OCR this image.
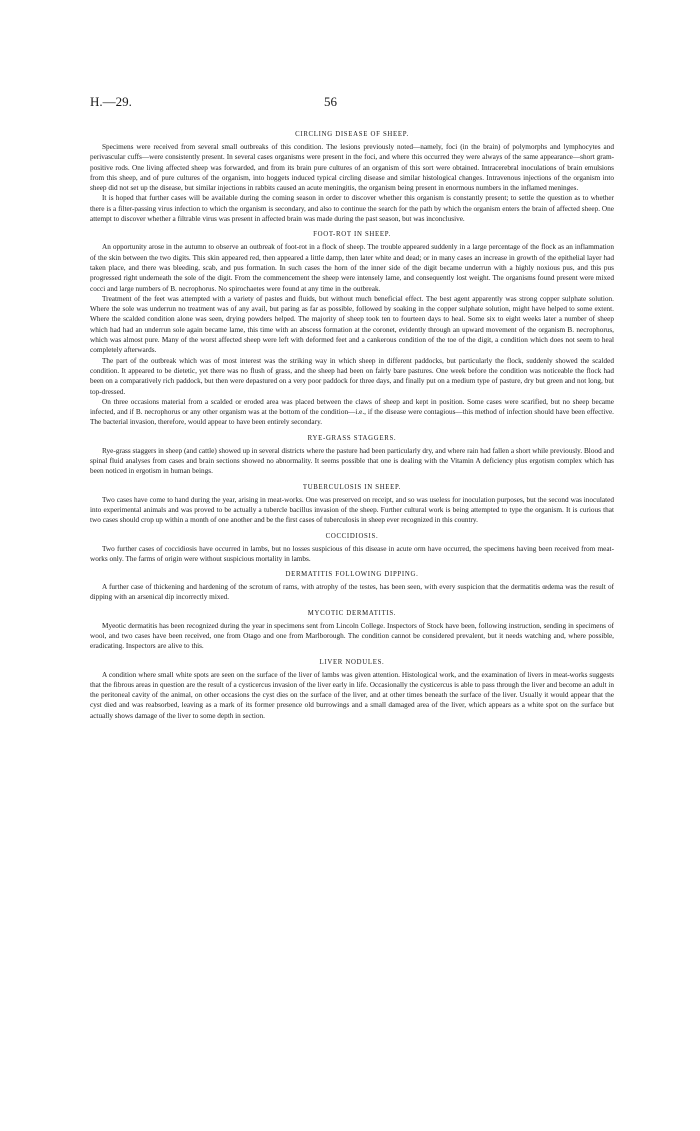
H.—29.	56
CIRCLING DISEASE OF SHEEP.

Specimens were received from several small outbreaks of this condition. The lesions previously noted—namely, foci (in the brain) of polymorphs and lymphocytes and perivascular cuffs—were consistently present. In several cases organisms were present in the foci, and where this occurred they were always of the same appearance—short gram-positive rods. One living affected sheep was forwarded, and from its brain pure cultures of an organism of this sort were obtained. Intracerebral inoculations of brain emulsions from this sheep, and of pure cultures of the organism, into hoggets induced typical circling disease and similar histological changes. Intravenous injections of the organism into sheep did not set up the disease, but similar injections in rabbits caused an acute meningitis, the organism being present in enormous numbers in the inflamed meninges.

It is hoped that further cases will be available during the coming season in order to discover whether this organism is constantly present; to settle the question as to whether there is a filter-passing virus infection to which the organism is secondary, and also to continue the search for the path by which the organism enters the brain of affected sheep. One attempt to discover whether a filtrable virus was present in affected brain was made during the past season, but was inconclusive.

FOOT-ROT IN SHEEP.

An opportunity arose in the autumn to observe an outbreak of foot-rot in a flock of sheep. The trouble appeared suddenly in a large percentage of the flock as an inflammation of the skin between the two digits. This skin appeared red, then appeared a little damp, then later white and dead; or in many cases an increase in growth of the epithelial layer had taken place, and there was bleeding, scab, and pus formation. In such cases the horn of the inner side of the digit became underrun with a highly noxious pus, and this pus progressed right underneath the sole of the digit. From the commencement the sheep were intensely lame, and consequently lost weight. The organisms found present were mixed cocci and large numbers of B. necrophorus. No spirochaetes were found at any time in the outbreak.

Treatment of the feet was attempted with a variety of pastes and fluids, but without much beneficial effect. The best agent apparently was strong copper sulphate solution. Where the sole was underrun no treatment was of any avail, but paring as far as possible, followed by soaking in the copper sulphate solution, might have helped to some extent. Where the scalded condition alone was seen, drying powders helped. The majority of sheep took ten to fourteen days to heal. Some six to eight weeks later a number of sheep which had had an underrun sole again became lame, this time with an abscess formation at the coronet, evidently through an upward movement of the organism B. necrophorus, which was almost pure. Many of the worst affected sheep were left with deformed feet and a cankerous condition of the toe of the digit, a condition which does not seem to heal completely afterwards.

The part of the outbreak which was of most interest was the striking way in which sheep in different paddocks, but particularly the flock, suddenly showed the scalded condition. It appeared to be dietetic, yet there was no flush of grass, and the sheep had been on fairly bare pastures. One week before the condition was noticeable the flock had been on a comparatively rich paddock, but then were depastured on a very poor paddock for three days, and finally put on a medium type of pasture, dry but green and not long, but top-dressed.

On three occasions material from a scalded or eroded area was placed between the claws of sheep and kept in position. Some cases were scarified, but no sheep became infected, and if B. necrophorus or any other organism was at the bottom of the condition—i.e., if the disease were contagious—this method of infection should have been effective. The bacterial invasion, therefore, would appear to have been entirely secondary.

RYE-GRASS STAGGERS.

Rye-grass staggers in sheep (and cattle) showed up in several districts where the pasture had been particularly dry, and where rain had fallen a short while previously. Blood and spinal fluid analyses from cases and brain sections showed no abnormality. It seems possible that one is dealing with the Vitamin A deficiency plus ergotism complex which has been noticed in ergotism in human beings.

TUBERCULOSIS IN SHEEP.

Two cases have come to hand during the year, arising in meat-works. One was preserved on receipt, and so was useless for inoculation purposes, but the second was inoculated into experimental animals and was proved to be actually a tubercle bacillus invasion of the sheep. Further cultural work is being attempted to type the organism. It is curious that two cases should crop up within a month of one another and be the first cases of tuberculosis in sheep ever recognized in this country.

COCCIDIOSIS.

Two further cases of coccidiosis have occurred in lambs, but no losses suspicious of this disease in acute orm have occurred, the specimens having been received from meat-works only. The farms of origin were without suspicious mortality in lambs.

DERMATITIS FOLLOWING DIPPING.

A further case of thickening and hardening of the scrotum of rams, with atrophy of the testes, has been seen, with every suspicion that the dermatitis œdema was the result of dipping with an arsenical dip incorrectly mixed.

MYCOTIC DERMATITIS.

Myeotic dermatitis has been recognized during the year in specimens sent from Lincoln College. Inspectors of Stock have been, following instruction, sending in specimens of wool, and two cases have been received, one from Otago and one from Marlborough. The condition cannot be considered prevalent, but it needs watching and, where possible, eradicating. Inspectors are alive to this.

LIVER NODULES.

A condition where small white spots are seen on the surface of the liver of lambs was given attention. Histological work, and the examination of livers in meat-works suggests that the fibrous areas in question are the result of a cysticercus invasion of the liver early in life. Occasionally the cysticercus is able to pass through the liver and become an adult in the peritoneal cavity of the animal, on other occasions the cyst dies on the surface of the liver, and at other times beneath the surface of the liver. Usually it would appear that the cyst died and was reabsorbed, leaving as a mark of its former presence old burrowings and a small damaged area of the liver, which appears as a white spot on the surface but actually shows damage of the liver to some depth in section.
